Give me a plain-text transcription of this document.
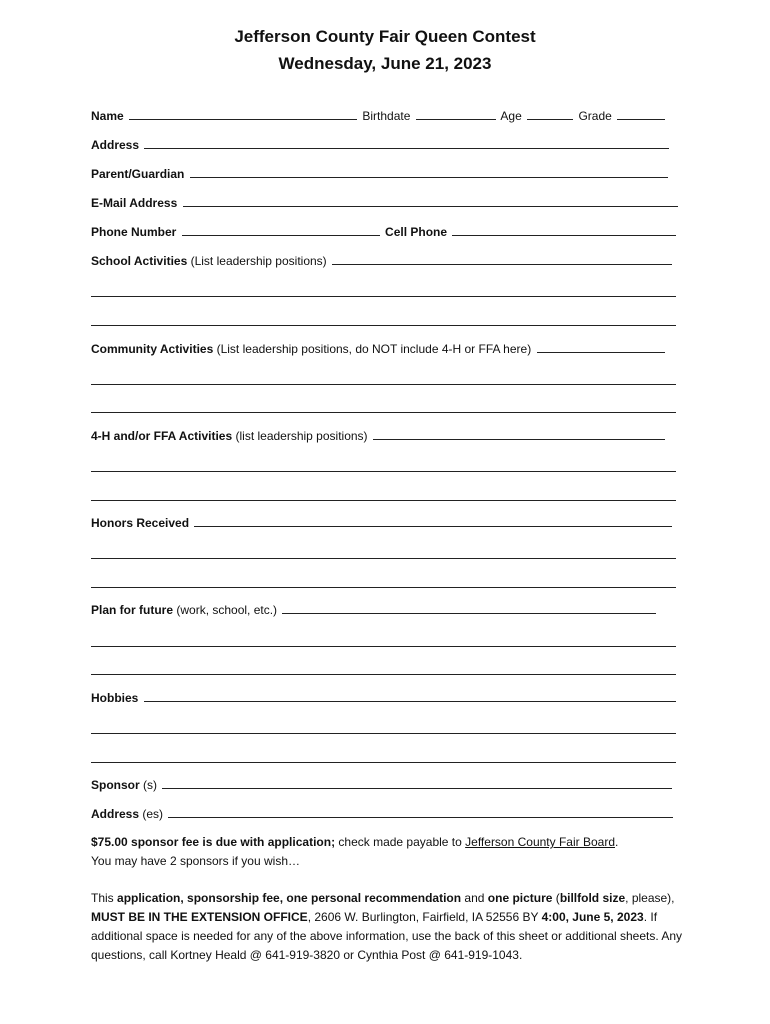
Jefferson County Fair Queen Contest
Wednesday, June 21, 2023
Name	Birthdate	Age	Grade
Address
Parent/Guardian
E-Mail Address
Phone Number	Cell Phone
School Activities (List leadership positions)
Community Activities (List leadership positions, do NOT include 4-H or FFA here)
4-H and/or FFA Activities (list leadership positions)
Honors Received
Plan for future (work, school, etc.)
Hobbies
Sponsor (s)
Address (es)
$75.00 sponsor fee is due with application; check made payable to Jefferson County Fair Board.
You may have 2 sponsors if you wish…
This application, sponsorship fee, one personal recommendation and one picture (billfold size, please),
MUST BE IN THE EXTENSION OFFICE, 2606 W. Burlington, Fairfield, IA 52556 BY 4:00, June 5, 2023. If additional space is needed for any of the above information, use the back of this sheet or additional sheets. Any questions, call Kortney Heald @ 641-919-3820 or Cynthia Post @ 641-919-1043.
